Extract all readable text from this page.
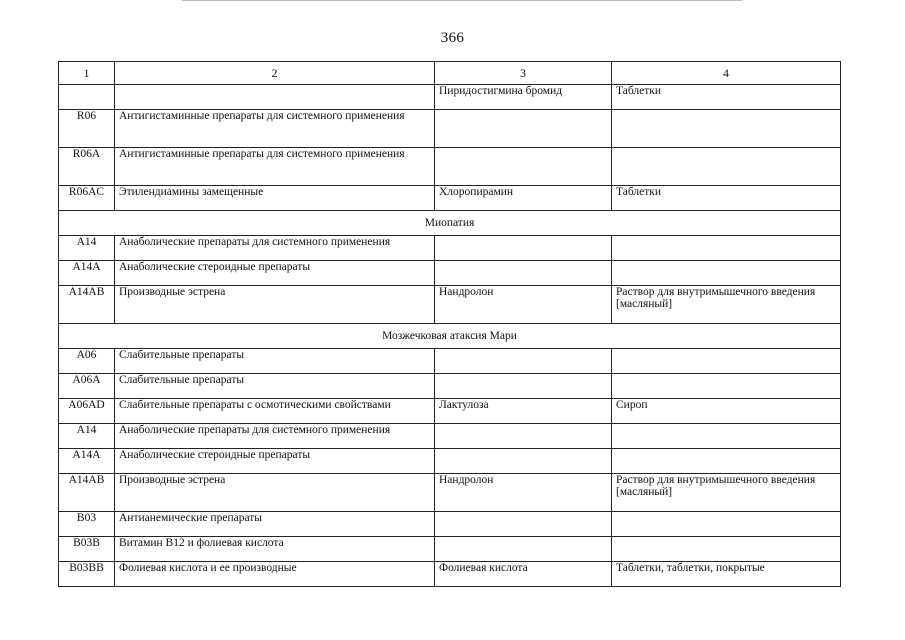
366
1	2	3	4
		Пиридостигмина бромид	Таблетки
R06	Антигистаминные препараты для системного применения		
R06A	Антигистаминные препараты для системного применения		
R06AC	Этилендиамины замещенные	Хлоропирамин	Таблетки
Миопатия			
A14	Анаболические препараты для системного применения		
A14A	Анаболические стероидные препараты		
A14AB	Производные эстрена	Нандролон	Раствор для внутримышечного введения [масляный]
Мозжечковая атаксия Мари			
A06	Слабительные препараты		
A06A	Слабительные препараты		
A06AD	Слабительные препараты с осмотическими свойствами	Лактулоза	Сироп
A14	Анаболические препараты для системного применения		
A14A	Анаболические стероидные препараты		
A14AB	Производные эстрена	Нандролон	Раствор для внутримышечного введения [масляный]
B03	Антианемические препараты		
B03B	Витамин В12 и фолиевая кислота		
B03BB	Фолиевая кислота и ее производные	Фолиевая кислота	Таблетки, таблетки, покрытые
